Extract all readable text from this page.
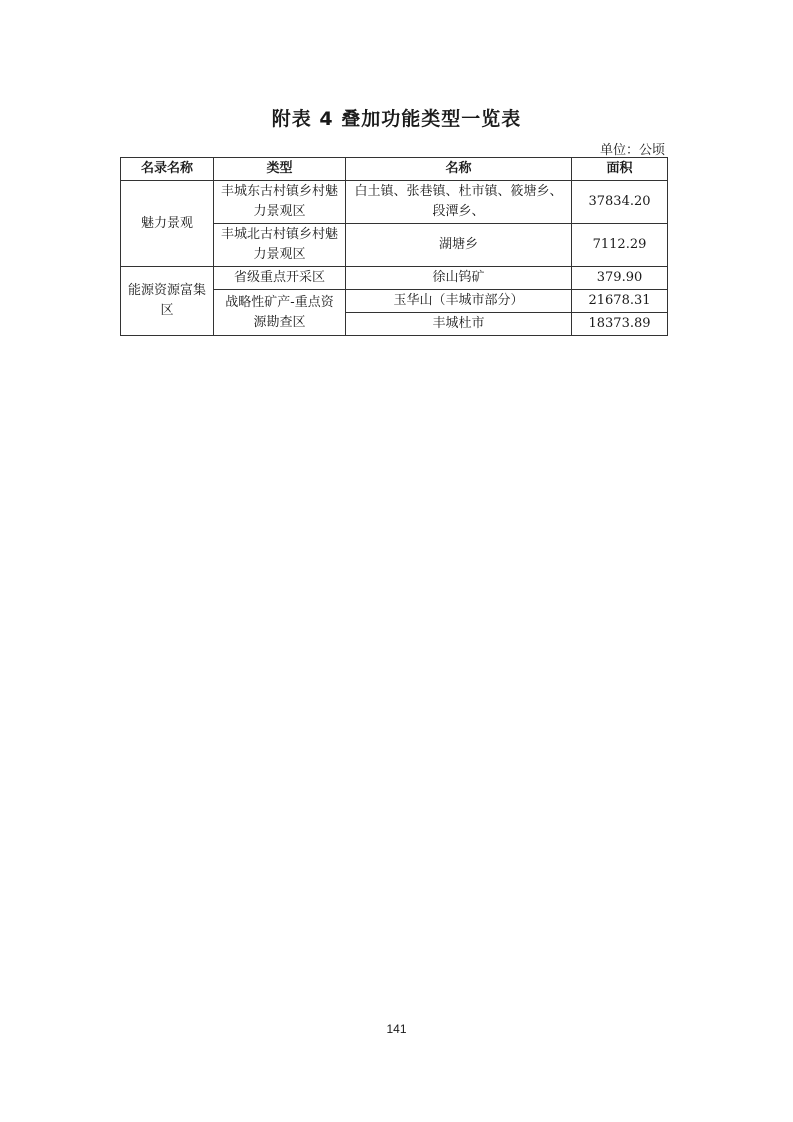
附表 4 叠加功能类型一览表
单位：公顷
名录名称	类型	名称	面积
魅力景观	丰城东古村镇乡村魅力景观区	白土镇、张巷镇、杜市镇、筱塘乡、段潭乡、	37834.20
	丰城北古村镇乡村魅力景观区	湖塘乡	7112.29
能源资源富集区	省级重点开采区	徐山钨矿	379.90
	战略性矿产-重点资源勘查区	玉华山（丰城市部分）	21678.31
		丰城杜市	18373.89
141
